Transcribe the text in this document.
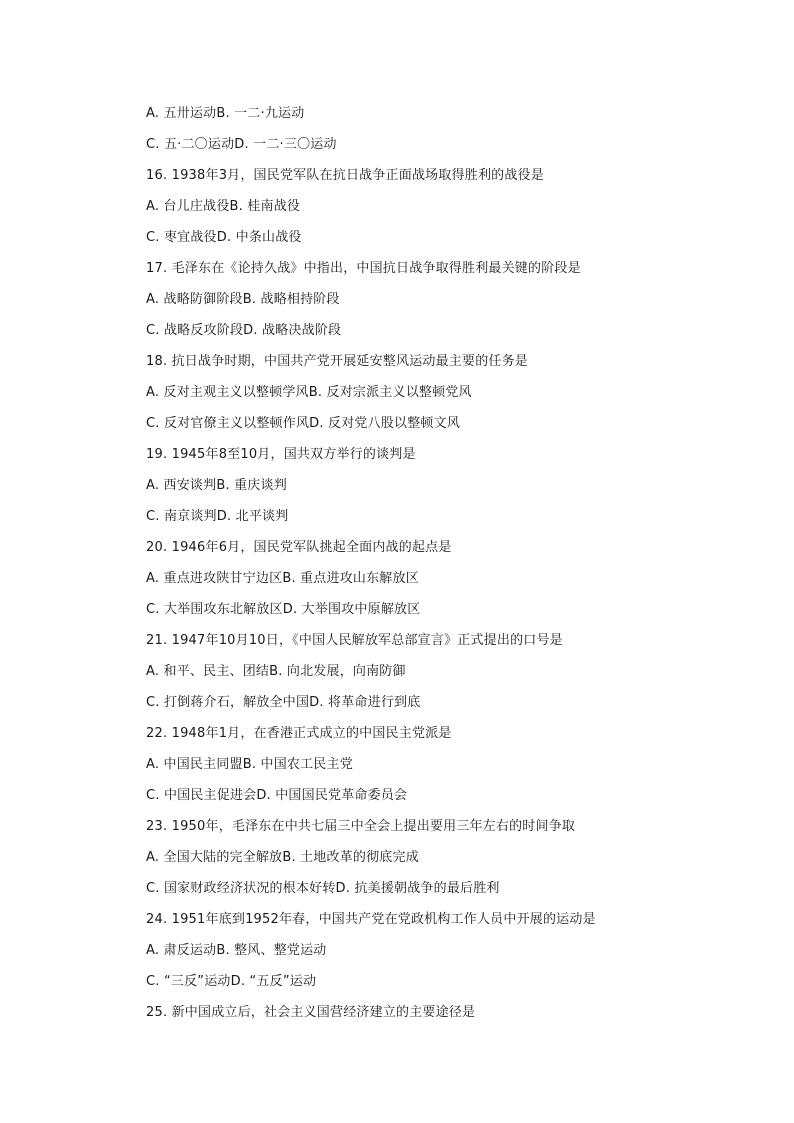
A. 五卅运动B. 一二·九运动
C. 五·二〇运动D. 一二·三〇运动
16. 1938年3月，国民党军队在抗日战争正面战场取得胜利的战役是
A. 台儿庄战役B. 桂南战役
C. 枣宜战役D. 中条山战役
17. 毛泽东在《论持久战》中指出，中国抗日战争取得胜利最关键的阶段是
A. 战略防御阶段B. 战略相持阶段
C. 战略反攻阶段D. 战略决战阶段
18. 抗日战争时期，中国共产党开展延安整风运动最主要的任务是
A. 反对主观主义以整顿学风B. 反对宗派主义以整顿党风
C. 反对官僚主义以整顿作风D. 反对党八股以整顿文风
19. 1945年8至10月，国共双方举行的谈判是
A. 西安谈判B. 重庆谈判
C. 南京谈判D. 北平谈判
20. 1946年6月，国民党军队挑起全面内战的起点是
A. 重点进攻陕甘宁边区B. 重点进攻山东解放区
C. 大举围攻东北解放区D. 大举围攻中原解放区
21. 1947年10月10日，《中国人民解放军总部宣言》正式提出的口号是
A. 和平、民主、团结B. 向北发展，向南防御
C. 打倒蒋介石，解放全中国D. 将革命进行到底
22. 1948年1月，在香港正式成立的中国民主党派是
A. 中国民主同盟B. 中国农工民主党
C. 中国民主促进会D. 中国国民党革命委员会
23. 1950年，毛泽东在中共七届三中全会上提出要用三年左右的时间争取
A. 全国大陆的完全解放B. 土地改革的彻底完成
C. 国家财政经济状况的根本好转D. 抗美援朝战争的最后胜利
24. 1951年底到1952年春，中国共产党在党政机构工作人员中开展的运动是
A. 肃反运动B. 整风、整党运动
C. “三反”运动D. “五反”运动
25. 新中国成立后，社会主义国营经济建立的主要途径是
